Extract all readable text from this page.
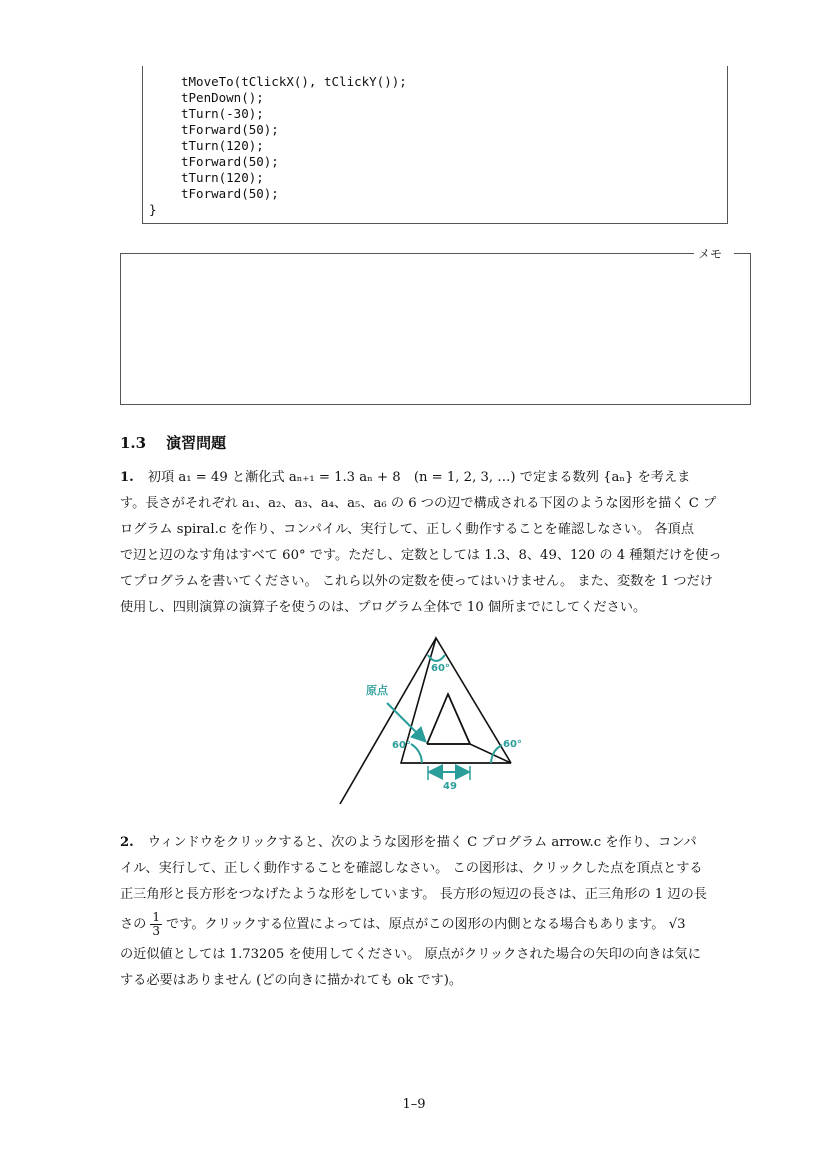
tMoveTo(tClickX(), tClickY());
tPenDown();
tTurn(-30);
tForward(50);
tTurn(120);
tForward(50);
tTurn(120);
tForward(50);
}
メモ
1.3 演習問題
1. 初項 a₁ = 49 と漸化式 aₙ₊₁ = 1.3 aₙ + 8　(n = 1, 2, 3, …) で定まる数列 {aₙ} を考えま
す。長さがそれぞれ a₁、a₂、a₃、a₄、a₅、a₆ の 6 つの辺で構成される下図のような図形を描く C プ
ログラム spiral.c を作り、コンパイル、実行して、正しく動作することを確認しなさい。 各頂点
で辺と辺のなす角はすべて 60° です。ただし、定数としては 1.3、8、49、120 の 4 種類だけを使っ
てプログラムを書いてください。 これら以外の定数を使ってはいけません。 また、変数を 1 つだけ
使用し、四則演算の演算子を使うのは、プログラム全体で 10 個所までにしてください。
原点
60°
60°	60°
49
2. ウィンドウをクリックすると、次のような図形を描く C プログラム arrow.c を作り、コンパ
イル、実行して、正しく動作することを確認しなさい。 この図形は、クリックした点を頂点とする
正三角形と長方形をつなげたような形をしています。 長方形の短辺の長さは、正三角形の 1 辺の長
さの $\frac{1}{3}$ です。クリックする位置によっては、原点がこの図形の内側となる場合もあります。 √3
の近似値としては 1.73205 を使用してください。 原点がクリックされた場合の矢印の向きは気に
する必要はありません (どの向きに描かれても ok です)。
1–9
